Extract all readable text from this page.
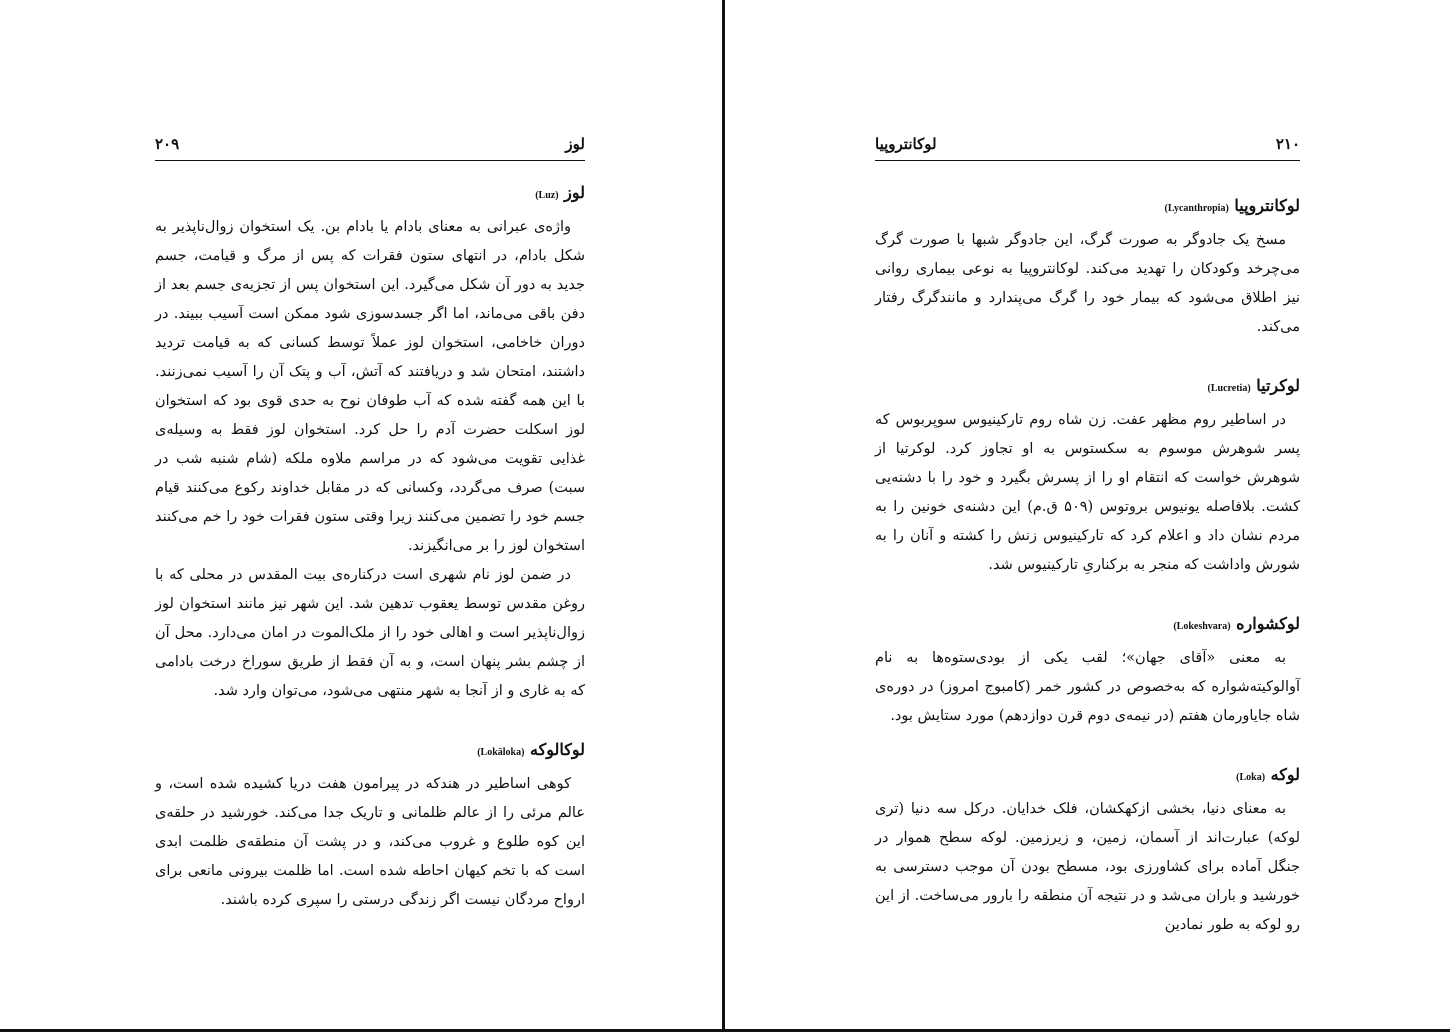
لوز
۲۰۹
لوز (Luz)

واژه‌ی عبرانی به معنای بادام یا بادام بن. یک استخوان زوال‌ناپذیر به شکل بادام، در انتهای ستون فقرات که پس از مرگ و قیامت، جسم جدید به دور آن شکل می‌گیرد. این استخوان پس از تجزیه‌ی جسم بعد از دفن باقی می‌ماند، اما اگر جسدسوزی شود ممکن است آسیب ببیند. در دوران خاخامی، استخوان لوز عملاً توسط کسانی که به قیامت تردید داشتند، امتحان شد و دریافتند که آتش، آب و پتک آن را آسیب نمی‌زنند. با این همه گفته شده که آب طوفان نوح به حدی قوی بود که استخوان لوز اسکلت حضرت آدم را حل کرد. استخوان لوز فقط به وسیله‌ی غذایی تقویت می‌شود که در مراسم ملاوه ملکه (شام شنبه شب در سبت) صرف می‌گردد، وکسانی که در مقابل خداوند رکوع می‌کنند قیام جسم خود را تضمین می‌کنند زیرا وقتی ستون فقرات خود را خم می‌کنند استخوان لوز را بر می‌انگیزند.

در ضمن لوز نام شهری است درکناره‌ی بیت المقدس در محلی که با روغن مقدس توسط یعقوب تدهین شد. این شهر نیز مانند استخوان لوز زوال‌ناپذیر است و اهالی خود را از ملک‌الموت در امان می‌دارد. محل آن از چشم بشر پنهان است، و به آن فقط از طریق سوراخ درخت بادامی که به غاری و از آنجا به شهر منتهی می‌شود، می‌توان وارد شد.

لوکالوکه (Lokāloka)

کوهی اساطیر در هندکه در پیرامون هفت دریا کشیده شده است، و عالم مرئی را از عالم ظلمانی و تاریک جدا می‌کند. خورشید در حلقه‌ی این کوه طلوع و غروب می‌کند، و در پشت آن منطقه‌ی ظلمت ابدی است که با تخم کیهان احاطه شده است. اما ظلمت بیرونی مانعی برای ارواح مردگان نیست اگر زندگی درستی را سپری کرده باشند.

۲۱۰
لوکانتروپیا
لوکانتروپیا (Lycanthropia)

مسخ یک جادوگر به صورت گرگ، این جادوگر شبها با صورت گرگ می‌چرخد وکودکان را تهدید می‌کند. لوکانتروپیا به نوعی بیماری روانی نیز اطلاق می‌شود که بیمار خود را گرگ می‌پندارد و مانندگرگ رفتار می‌کند.

لوکرتیا (Lucretia)

در اساطیر روم مظهر عفت. زن شاه روم تارکینیوس سوپربوس که پسر شوهرش موسوم به سکستوس به او تجاوز کرد. لوکرتیا از شوهرش خواست که انتقام او را از پسرش بگیرد و خود را با دشنه‌یی کشت. بلافاصله یونیوس بروتوس (۵۰۹ ق.م) این دشنه‌ی خونین را به مردم نشان داد و اعلام کرد که تارکینیوس زنش را کشته و آنان را به شورش واداشت که منجر به برکناریِ تارکینیوس شد.

لوکشواره (Lokeshvara)

به معنی «آقای جهان»؛ لقب یکی از بودی‌ستوه‌ها به نام آوالوکیته‌شواره که به‌خصوص در کشور خمر (کامبوج امروز) در دوره‌ی شاه جایاورمان هفتم (در نیمه‌ی دوم قرن دوازدهم) مورد ستایش بود.

لوکه (Loka)

به معنای دنیا، بخشی ازکهکشان، فلک خدایان. درکل سه دنیا (تری لوکه) عبارت‌اند از آسمان، زمین، و زیرزمین. لوکه سطح هموار در جنگل آماده برای کشاورزی بود، مسطح بودن آن موجب دسترسی به خورشید و باران می‌شد و در نتیجه آن منطقه را بارور می‌ساخت. از این رو لوکه به طور نمادین
